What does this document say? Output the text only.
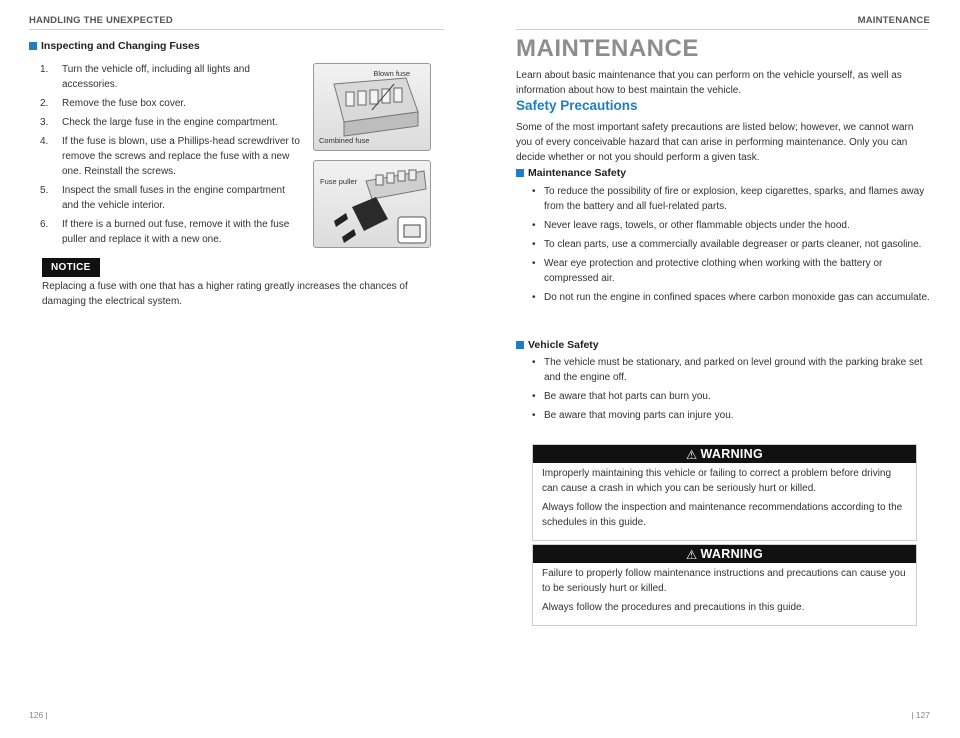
HANDLING THE UNEXPECTED
Inspecting and Changing Fuses
1. Turn the vehicle off, including all lights and accessories.
2. Remove the fuse box cover.
3. Check the large fuse in the engine compartment.
4. If the fuse is blown, use a Phillips-head screwdriver to remove the screws and replace the fuse with a new one. Reinstall the screws.
5. Inspect the small fuses in the engine compartment and the vehicle interior.
6. If there is a burned out fuse, remove it with the fuse puller and replace it with a new one.
Blown fuse
Combined fuse
Fuse puller
NOTICE
Replacing a fuse with one that has a higher rating greatly increases the chances of damaging the electrical system.
126 |
MAINTENANCE
MAINTENANCE
Learn about basic maintenance that you can perform on the vehicle yourself, as well as information about how to best maintain the vehicle.
Safety Precautions
Some of the most important safety precautions are listed below; however, we cannot warn you of every conceivable hazard that can arise in performing maintenance. Only you can decide whether or not you should perform a given task.
Maintenance Safety
• To reduce the possibility of fire or explosion, keep cigarettes, sparks, and flames away from the battery and all fuel-related parts.
• Never leave rags, towels, or other flammable objects under the hood.
• To clean parts, use a commercially available degreaser or parts cleaner, not gasoline.
• Wear eye protection and protective clothing when working with the battery or compressed air.
• Do not run the engine in confined spaces where carbon monoxide gas can accumulate.
Vehicle Safety
• The vehicle must be stationary, and parked on level ground with the parking brake set and the engine off.
• Be aware that hot parts can burn you.
• Be aware that moving parts can injure you.
⚠ WARNING

Improperly maintaining this vehicle or failing to correct a problem before driving can cause a crash in which you can be seriously hurt or killed.

Always follow the inspection and maintenance recommendations according to the schedules in this guide.

⚠ WARNING

Failure to properly follow maintenance instructions and precautions can cause you to be seriously hurt or killed.

Always follow the procedures and precautions in this guide.

| 127
